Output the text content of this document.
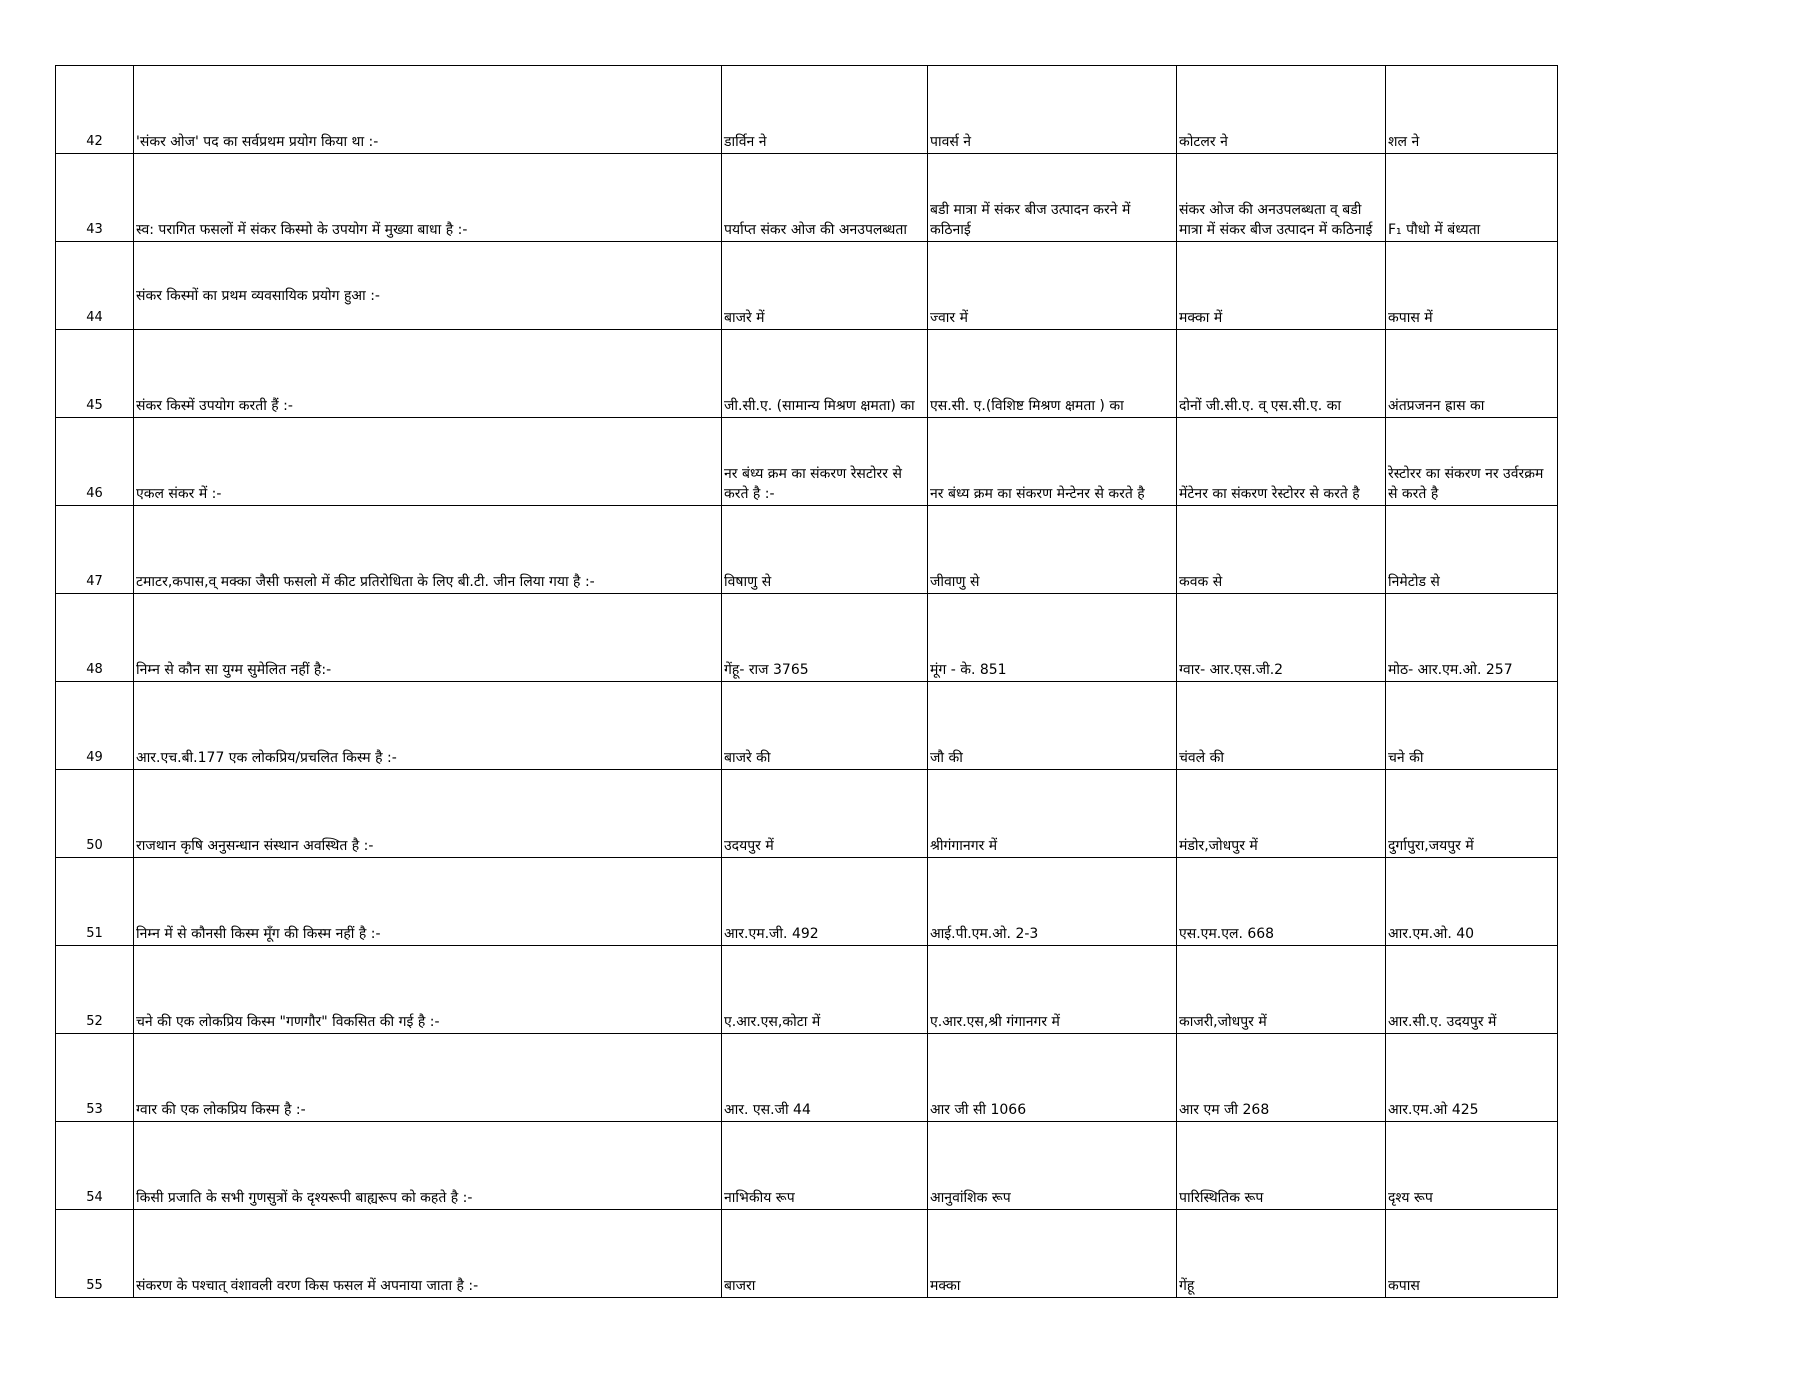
42	'संकर ओज' पद का सर्वप्रथम प्रयोग किया था :-	डार्विन ने	पावर्स ने	कोटलर ने	शल ने

43	स्व: परागित फसलों में संकर किस्मो के उपयोग में मुख्या बाधा है :-	पर्याप्त संकर ओज की अनउपलब्धता	बडी मात्रा में संकर बीज उत्पादन करने में कठिनाई	संकर ओज की अनउपलब्धता व् बडी मात्रा में संकर बीज उत्पादन में कठिनाई	F₁ पौधो में बंध्यता

44	संकर किस्मों का प्रथम व्यवसायिक प्रयोग हुआ :-	बाजरे में	ज्वार में	मक्का में	कपास में

45	संकर किस्में उपयोग करती हैं :-	जी.सी.ए. (सामान्य मिश्रण क्षमता) का	एस.सी. ए.(विशिष्ट मिश्रण क्षमता ) का	दोनों जी.सी.ए. व् एस.सी.ए. का	अंतप्रजनन ह्रास का

46	एकल संकर में :-	नर बंध्य क्रम का संकरण रेसटोरर से करते है :-	नर बंध्य क्रम का संकरण मेन्टेनर से करते है	मेंटेनर का संकरण रेस्टोरर से करते है	रेस्टोरर का संकरण नर उर्वरक्रम से करते है

47	टमाटर,कपास,व् मक्का जैसी फसलो में कीट प्रतिरोधिता के लिए बी.टी. जीन लिया गया है :-	विषाणु से	जीवाणु से	कवक से	निमेटोड से

48	निम्न से कौन सा युग्म सुमेलित नहीं है:-	गेंहू- राज 3765	मूंग - के. 851	ग्वार- आर.एस.जी.2	मोठ- आर.एम.ओ. 257

49	आर.एच.बी.177 एक लोकप्रिय/प्रचलित किस्म है :-	बाजरे की	जौ की	चंवले की	चने की

50	राजथान कृषि अनुसन्धान संस्थान अवस्थित है :-	उदयपुर में	श्रीगंगानगर में	मंडोर,जोधपुर में	दुर्गापुरा,जयपुर में

51	निम्न में से कौनसी किस्म मूँग की किस्म नहीं है :-	आर.एम.जी. 492	आई.पी.एम.ओ. 2-3	एस.एम.एल. 668	आर.एम.ओ. 40

52	चने की एक लोकप्रिय किस्म "गणगौर" विकसित की गई है :-	ए.आर.एस,कोटा में	ए.आर.एस,श्री गंगानगर में	काजरी,जोधपुर में	आर.सी.ए. उदयपुर में

53	ग्वार की एक लोकप्रिय किस्म है :-	आर. एस.जी 44	आर जी सी 1066	आर एम जी 268	आर.एम.ओ 425

54	किसी प्रजाति के सभी गुणसुत्रों के दृश्यरूपी बाह्यरूप को कहते है :-	नाभिकीय रूप	आनुवांशिक रूप	पारिस्थितिक रूप	दृश्य रूप

55	संकरण के पश्चात् वंशावली वरण किस फसल में अपनाया जाता है :-	बाजरा	मक्का	गेंहू	कपास
